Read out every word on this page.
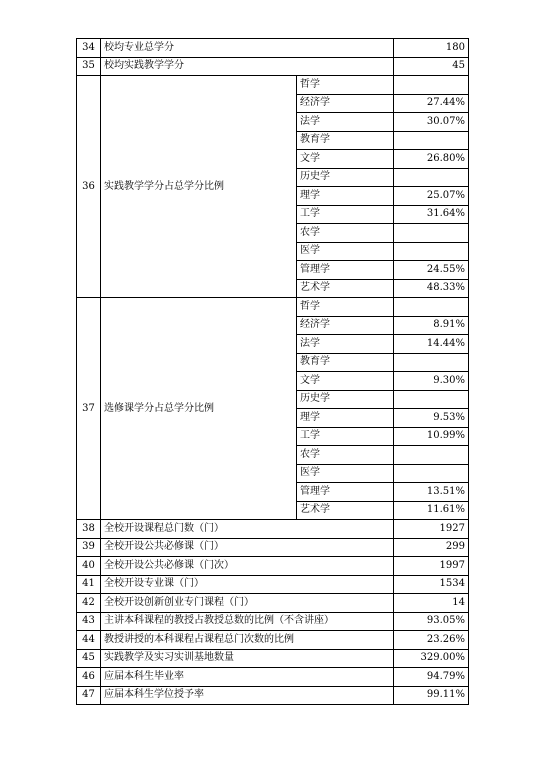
34	校均专业总学分		180
35	校均实践教学学分		45
36	实践教学学分占总学分比例	哲学	
		经济学	27.44%
		法学	30.07%
		教育学	
		文学	26.80%
		历史学	
		理学	25.07%
		工学	31.64%
		农学	
		医学	
		管理学	24.55%
		艺术学	48.33%
37	选修课学分占总学分比例	哲学	
		经济学	8.91%
		法学	14.44%
		教育学	
		文学	9.30%
		历史学	
		理学	9.53%
		工学	10.99%
		农学	
		医学	
		管理学	13.51%
		艺术学	11.61%
38	全校开设课程总门数（门）		1927
39	全校开设公共必修课（门）		299
40	全校开设公共必修课（门次）		1997
41	全校开设专业课（门）		1534
42	全校开设创新创业专门课程（门）		14
43	主讲本科课程的教授占教授总数的比例（不含讲座）		93.05%
44	教授讲授的本科课程占课程总门次数的比例		23.26%
45	实践教学及实习实训基地数量		329.00%
46	应届本科生毕业率		94.79%
47	应届本科生学位授予率		99.11%
